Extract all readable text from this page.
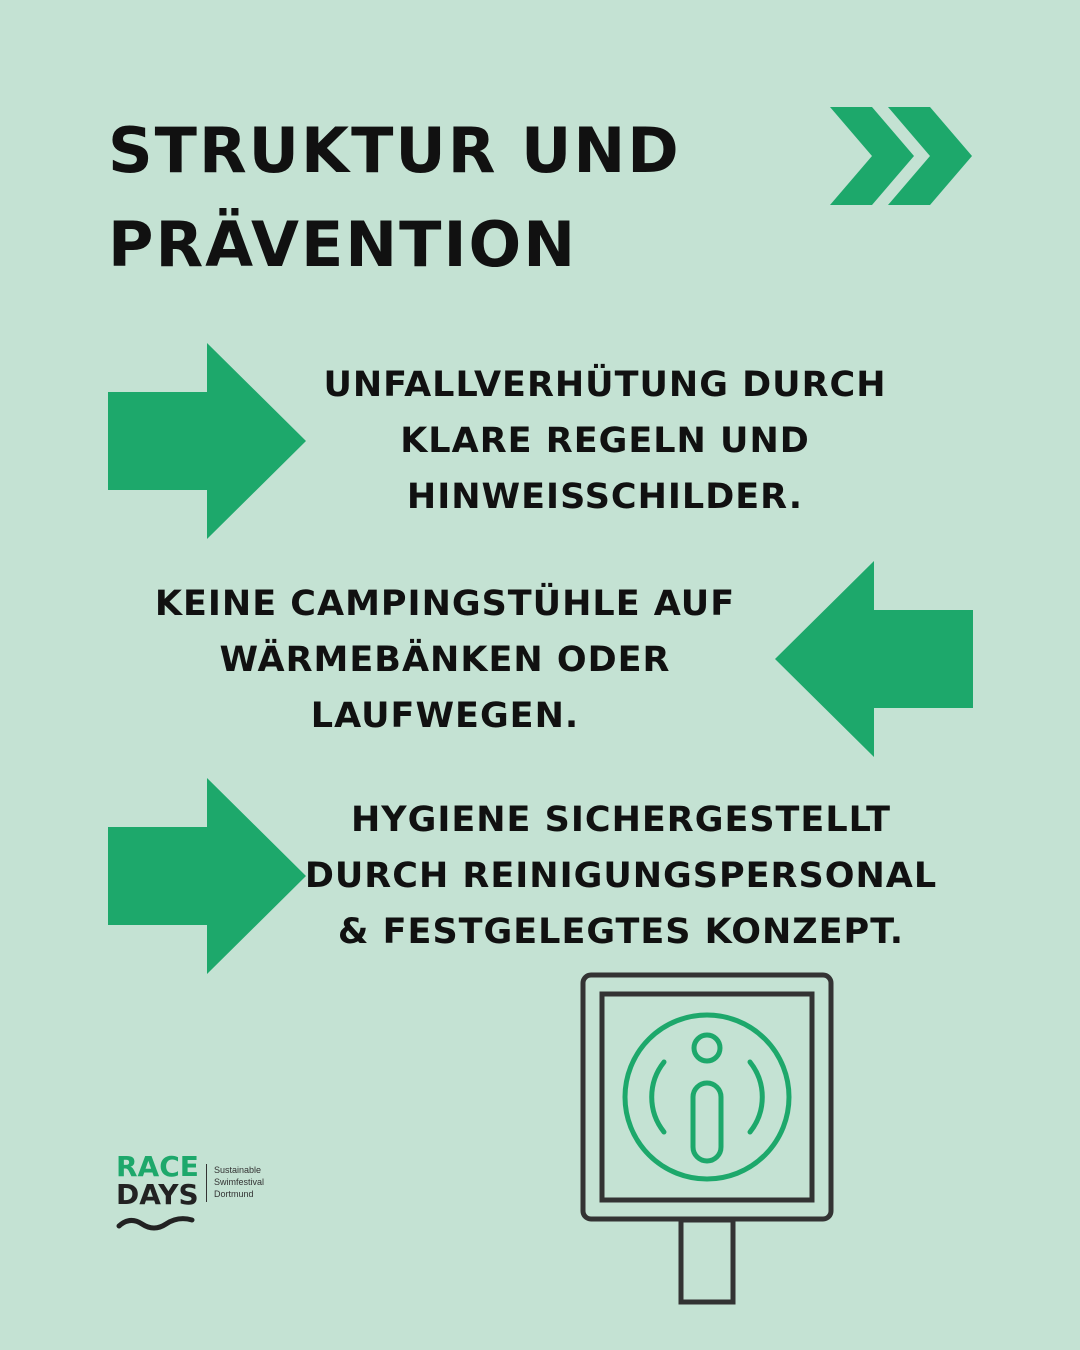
STRUKTUR UND
PRÄVENTION
UNFALLVERHÜTUNG DURCH
KLARE REGELN UND
HINWEISSCHILDER.
KEINE CAMPINGSTÜHLE AUF
WÄRMEBÄNKEN ODER
LAUFWEGEN.
HYGIENE SICHERGESTELLT
DURCH REINIGUNGSPERSONAL
& FESTGELEGTES KONZEPT.
RACE
DAYS
Sustainable
Swimfestival
Dortmund
